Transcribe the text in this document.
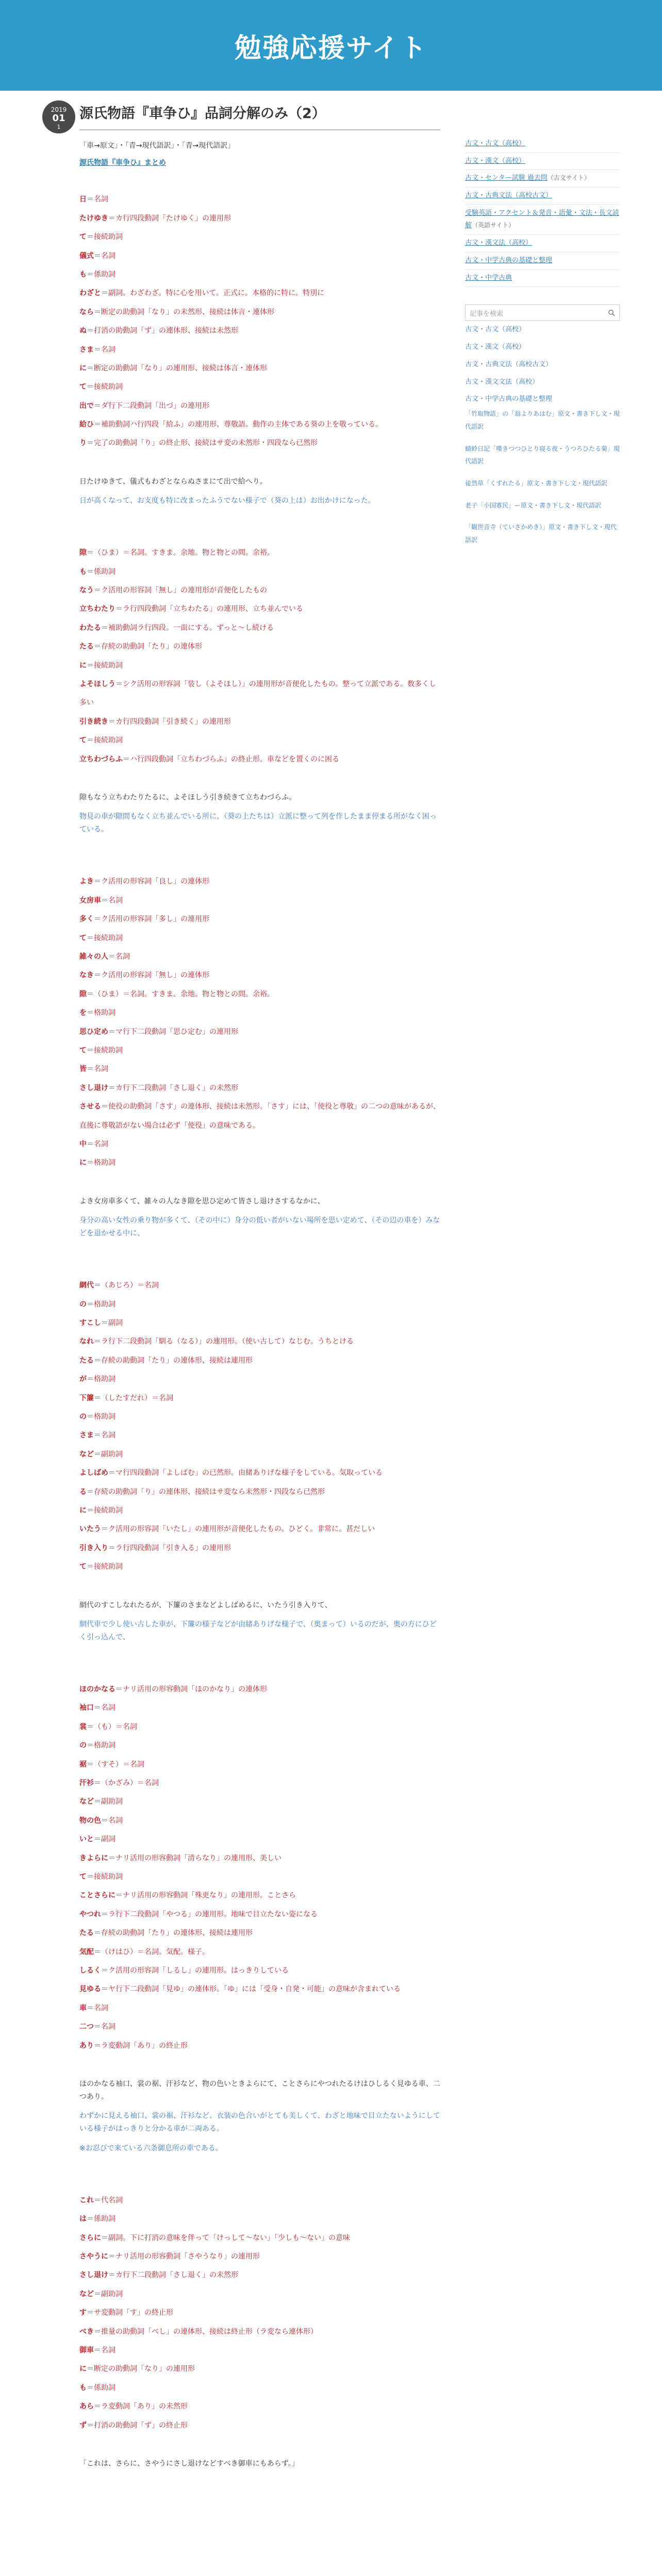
勉強応援サイト
2019
01
1
源氏物語『車争ひ』品詞分解のみ（2）

「車→原文」・「青→現代語訳」・「青→現代語訳」

源氏物語『車争ひ』まとめ

日＝名詞

たけゆき＝カ行四段動詞「たけゆく」の連用形

て＝接続助詞

儀式＝名詞

も＝係助詞

わざと＝副詞。わざわざ。特に心を用いて。正式に。本格的に特に。特別に

なら＝断定の助動詞「なり」の未然形、接続は体言・連体形

ぬ＝打消の助動詞「ず」の連体形、接続は未然形

さま＝名詞

に＝断定の助動詞「なり」の連用形、接続は体言・連体形

て＝接続助詞

出で＝ダ行下二段動詞「出づ」の連用形

給ひ＝補助動詞ハ行四段「給ふ」の連用形、尊敬語。動作の主体である葵の上を敬っている。

り＝完了の助動詞「り」の終止形、接続はサ変の未然形・四段なら已然形

日たけゆきて、儀式もわざとならぬさまにて出で給へり。

日が高くなって、お支度も特に改まったふうでない様子で（葵の上は）お出かけになった。

隙＝（ひま）＝名詞。すきま。余地。物と物との間。余裕。

も＝係助詞

なう＝ク活用の形容詞「無し」の連用形が音便化したもの

立ちわたり＝ラ行四段動詞「立ちわたる」の連用形、立ち並んでいる

わたる＝補助動詞ラ行四段。一面にする。ずっと～し続ける

たる＝存続の助動詞「たり」の連体形

に＝接続助詞

よそほしう＝シク活用の形容詞「装し（よそほし）」の連用形が音便化したもの。整って立派である。数多くし多い

引き続き＝カ行四段動詞「引き続く」の連用形

て＝接続助詞

立ちわづらふ＝ハ行四段動詞「立ちわづらふ」の終止形。車などを置くのに困る

隙もなう立ちわたりたるに、よそほしう引き続きて立ちわづらふ。

物見の車が隙間もなく立ち並んでいる所に、（葵の上たちは）立派に整って列を作したまま停まる所がなく困っている。

よき＝ク活用の形容詞「良し」の連体形

女房車＝名詞

多く＝ク活用の形容詞「多し」の連用形

て＝接続助詞

雑々の人＝名詞

なき＝ク活用の形容詞「無し」の連体形

隙＝（ひま）＝名詞。すきま。余地。物と物との間。余裕。

を＝格助詞

思ひ定め＝マ行下二段動詞「思ひ定む」の連用形

て＝接続助詞

皆＝名詞

さし退け＝カ行下二段動詞「さし退く」の未然形

させる＝使役の助動詞「さす」の連体形、接続は未然形。「さす」には、「使役と尊敬」の二つの意味があるが、直後に尊敬語がない場合は必ず「使役」の意味である。

中＝名詞

に＝格助詞

よき女房車多くて、雑々の人なき隙を思ひ定めて皆さし退けさするなかに、

身分の高い女性の乗り物が多くて、（その中に）身分の低い者がいない場所を思い定めて、（その辺の車を）みなどを退かせる中に、

網代＝（あじろ）＝名詞

の＝格助詞

すこし＝副詞

なれ＝ラ行下二段動詞「馴る（なる）」の連用形。（使い古して）なじむ。うちとける

たる＝存続の助動詞「たり」の連体形、接続は連用形

が＝格助詞

下簾＝（したすだれ）＝名詞

の＝格助詞

さま＝名詞

など＝副助詞

よしばめ＝マ行四段動詞「よしばむ」の已然形。由緒ありげな様子をしている。気取っている

る＝存続の助動詞「り」の連体形、接続はサ変なら未然形・四段なら已然形

に＝接続助詞

いたう＝ク活用の形容詞「いたし」の連用形が音便化したもの。ひどく。非常に。甚だしい

引き入り＝ラ行四段動詞「引き入る」の連用形

て＝接続助詞

網代のすこしなれたるが、下簾のさまなどよしばめるに、いたう引き入りて、

網代車で少し使い古した車が、下簾の様子などが由緒ありげな様子で、（奥まって）いるのだが、奥の方にひどく引っ込んで、

ほのかなる＝ナリ活用の形容動詞「ほのかなり」の連体形

袖口＝名詞

裳＝（も）＝名詞

の＝格助詞

裾＝（すそ）＝名詞

汗衫＝（かざみ）＝名詞

など＝副助詞

物の色＝名詞

いと＝副詞

きよらに＝ナリ活用の形容動詞「清らなり」の連用形、美しい

て＝接続助詞

ことさらに＝ナリ活用の形容動詞「殊更なり」の連用形。ことさら

やつれ＝ラ行下二段動詞「やつる」の連用形。地味で目立たない姿になる

たる＝存続の助動詞「たり」の連体形、接続は連用形

気配＝（けはひ）＝名詞。気配。様子。

しるく＝ク活用の形容詞「しるし」の連用形。はっきりしている

見ゆる＝ヤ行下二段動詞「見ゆ」の連体形。「ゆ」には「受身・自発・可能」の意味が含まれている

車＝名詞

二つ＝名詞

あり＝ラ変動詞「あり」の終止形

ほのかなる袖口、裳の裾、汗衫など、物の色いときよらにて、ことさらにやつれたるけはひしるく見ゆる車、二つあり。

わずかに見える袖口、裳の裾、汗衫など、衣装の色合いがとても美しくて、わざと地味で目立たないようにしている様子がはっきりと分かる車が二両ある。

※お忍びで来ている六条御息所の車である。

これ＝代名詞

は＝係助詞

さらに＝副詞。下に打消の意味を伴って「けっして～ない」「少しも～ない」の意味

さやうに＝ナリ活用の形容動詞「さやうなり」の連用形

さし退け＝カ行下二段動詞「さし退く」の未然形

など＝副助詞

す＝サ変動詞「す」の終止形

べき＝推量の助動詞「べし」の連体形、接続は終止形（ラ変なら連体形）

御車＝名詞

に＝断定の助動詞「なり」の連用形

も＝係助詞

あら＝ラ変動詞「あり」の未然形

ず＝打消の助動詞「ず」の終止形

「これは、さらに、さやうにさし退けなどすべき御車にもあらず。」

古文・古文（高校）
古文・漢文（高校）
古文・センター試験 過去問（古文サイト）
古文・古典文法（高校古文）
受験英語・アクセント＆発音・語彙・文法・長文読解（英語サイト）
古文・漢文法（高校）
古文・中学古典の基礎と整理
古文・中学古典
記事を検索
古文・古文（高校）
古文・漢文（高校）
古文・古典文法（高校古文）
古文・漢文文法（高校）
古文・中学古典の基礎と整理
「竹取物語」の「翁よりあはむ」原文・書き下し文・現代語訳
蜻蛉日記「嘆きつつひとり寝る夜・うつろひたる菊」現代語訳
徒然草「くずれたる」原文・書き下し文・現代語訳
老子「小国寡民」ー原文・書き下し文・現代語訳
「観世音寺（ていさかめき）」原文・書き下し文・現代語訳
